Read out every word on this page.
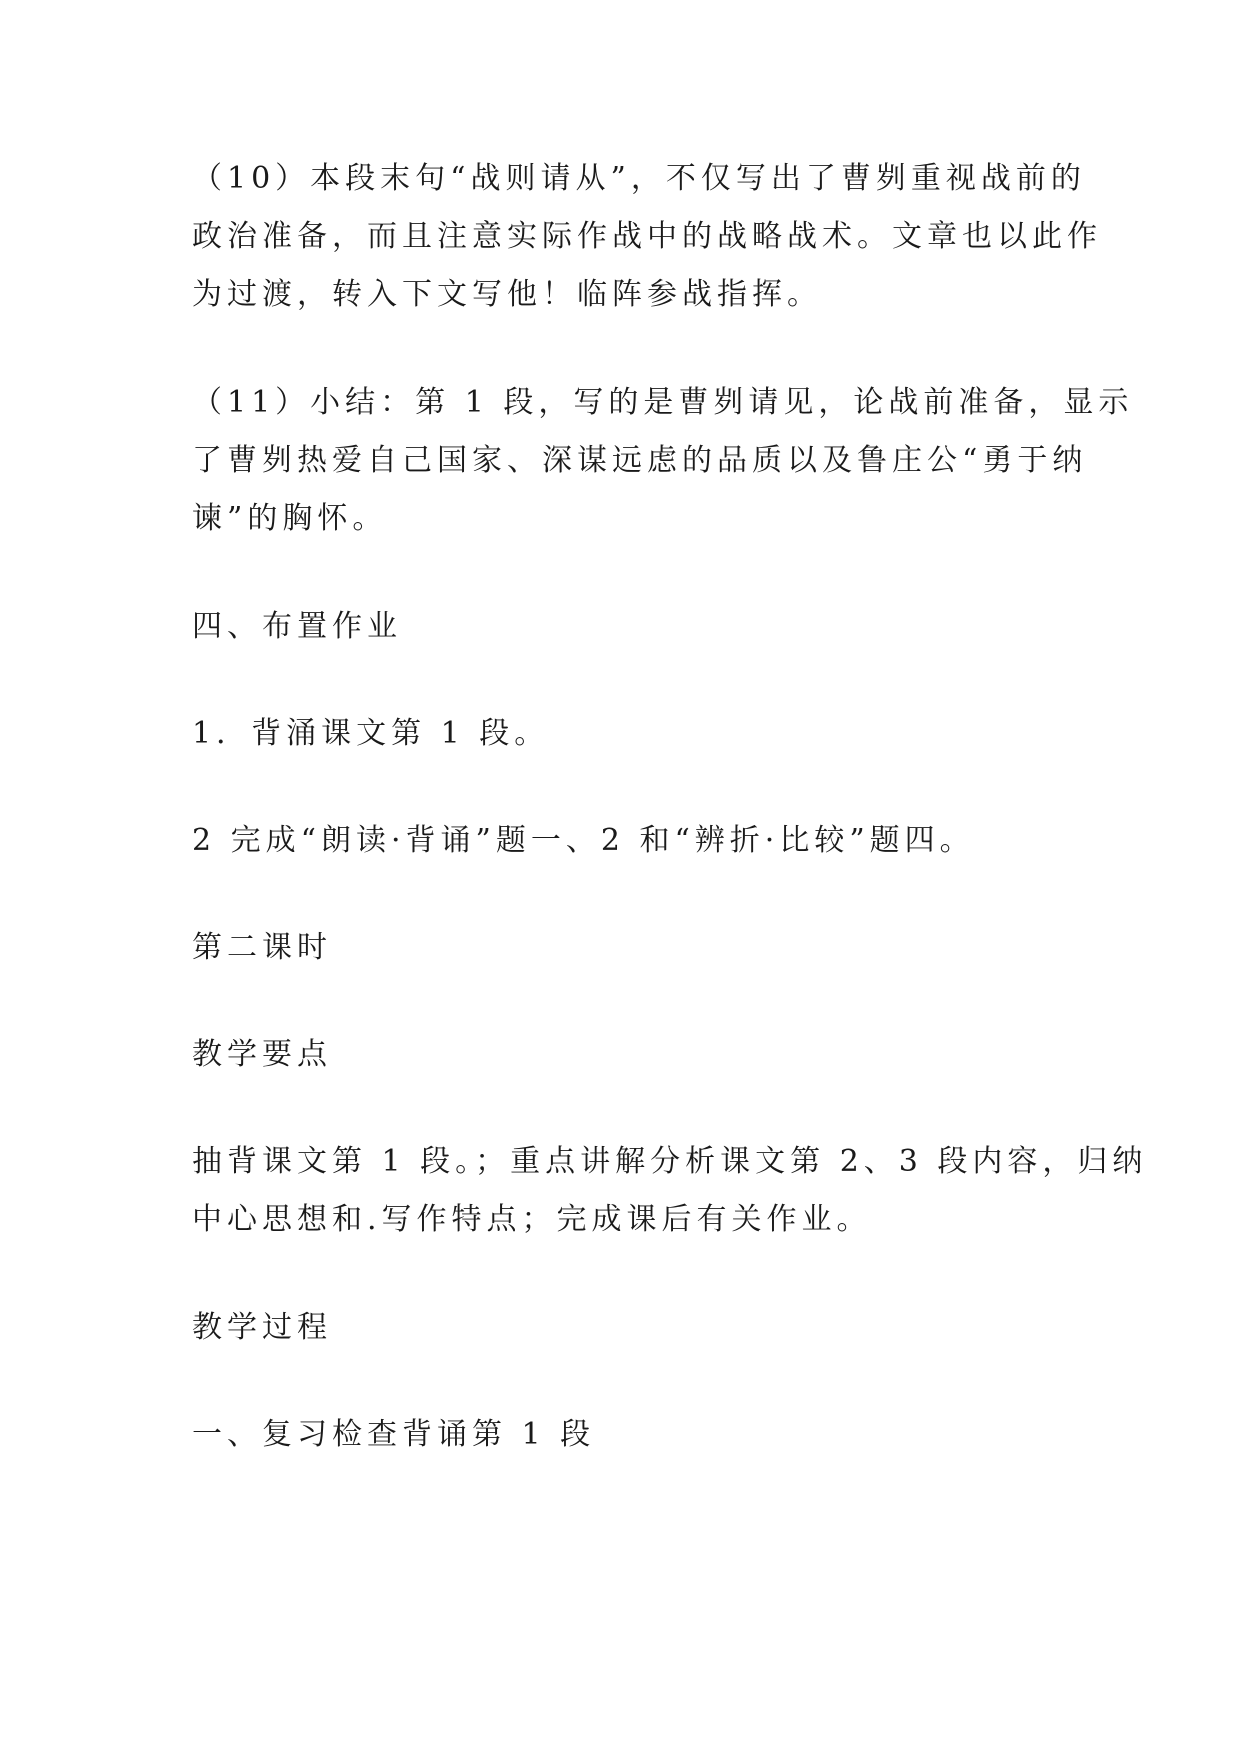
（10）本段末句“战则请从”，不仅写出了曹刿重视战前的
政治准备，而且注意实际作战中的战略战术。文章也以此作
为过渡，转入下文写他！临阵参战指挥。

（11）小结：第 1 段，写的是曹刿请见，论战前准备，显示
了曹刿热爱自己国家、深谋远虑的品质以及鲁庄公“勇于纳
谏”的胸怀。

四、布置作业

1．背涌课文第 1 段。

2 完成“朗读·背诵”题一、2 和“辨折·比较”题四。

第二课时

教学要点

抽背课文第 1 段。；重点讲解分析课文第 2、3 段内容，归纳
中心思想和.写作特点；完成课后有关作业。

教学过程

一、复习检查背诵第 1 段
